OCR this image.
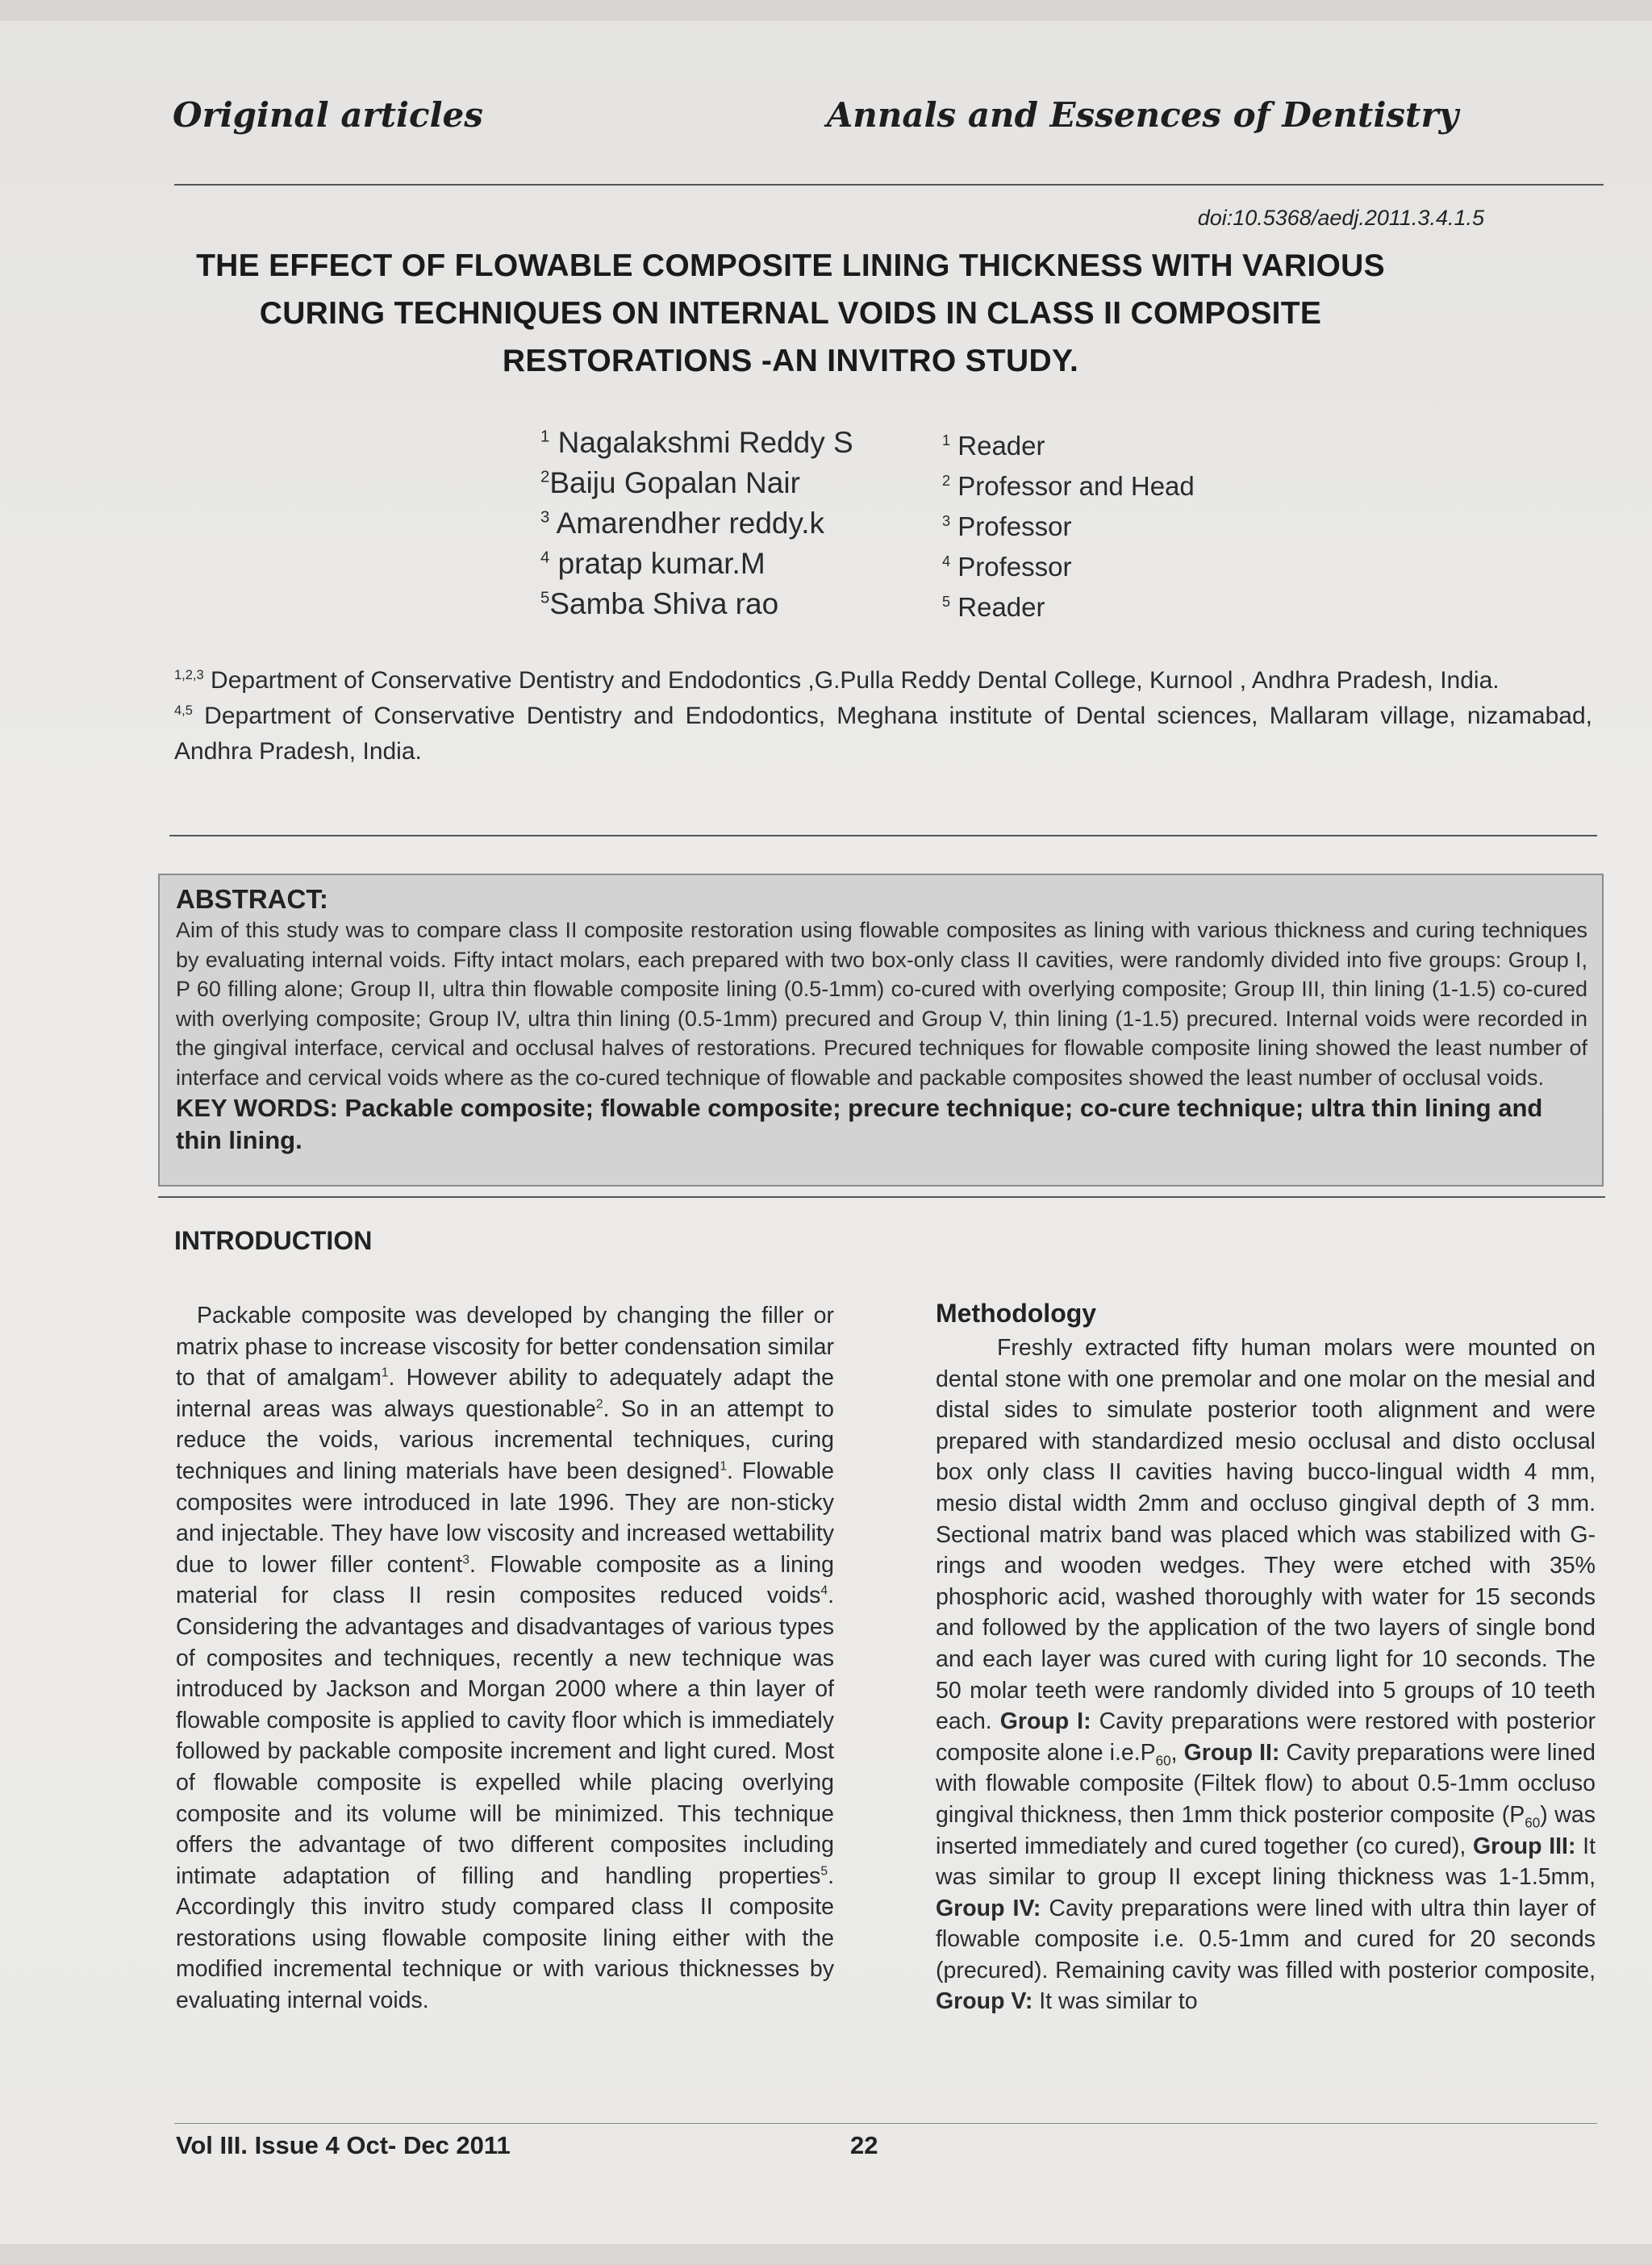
Original articles	Annals and Essences of Dentistry
doi:10.5368/aedj.2011.3.4.1.5
THE EFFECT OF FLOWABLE COMPOSITE LINING THICKNESS WITH VARIOUS CURING TECHNIQUES ON INTERNAL VOIDS IN CLASS II COMPOSITE RESTORATIONS -AN INVITRO STUDY.
$^1$ Nagalakshmi Reddy S
$^2$Baiju Gopalan Nair
$^3$ Amarendher reddy.k
$^4$ pratap kumar.M
$^5$Samba Shiva rao
$^1$ Reader
$^2$ Professor and Head
$^3$ Professor
$^4$ Professor
$^5$ Reader

$^{1,2,3}$ Department of Conservative Dentistry and Endodontics ,G.Pulla Reddy Dental College, Kurnool , Andhra Pradesh, India.

$^{4,5}$ Department of Conservative Dentistry and Endodontics, Meghana institute of Dental sciences, Mallaram village, nizamabad, Andhra Pradesh, India.

ABSTRACT:
Aim of this study was to compare class II composite restoration using flowable composites as lining with various thickness and curing techniques by evaluating internal voids. Fifty intact molars, each prepared with two box-only class II cavities, were randomly divided into five groups: Group I, P 60 filling alone; Group II, ultra thin flowable composite lining (0.5-1mm) co-cured with overlying composite; Group III, thin lining (1-1.5) co-cured with overlying composite; Group IV, ultra thin lining (0.5-1mm) precured and Group V, thin lining (1-1.5) precured. Internal voids were recorded in the gingival interface, cervical and occlusal halves of restorations. Precured techniques for flowable composite lining showed the least number of interface and cervical voids where as the co-cured technique of flowable and packable composites showed the least number of occlusal voids.
KEY WORDS: Packable composite; flowable composite; precure technique; co-cure technique; ultra thin lining and thin lining.
INTRODUCTION

Packable composite was developed by changing the filler or matrix phase to increase viscosity for better condensation similar to that of amalgam$^1$. However ability to adequately adapt the internal areas was always questionable$^2$. So in an attempt to reduce the voids, various incremental techniques, curing techniques and lining materials have been designed$^1$. Flowable composites were introduced in late 1996. They are non-sticky and injectable. They have low viscosity and increased wettability due to lower filler content$^3$. Flowable composite as a lining material for class II resin composites reduced voids$^4$. Considering the advantages and disadvantages of various types of composites and techniques, recently a new technique was introduced by Jackson and Morgan 2000 where a thin layer of flowable composite is applied to cavity floor which is immediately followed by packable composite increment and light cured. Most of flowable composite is expelled while placing overlying composite and its volume will be minimized. This technique offers the advantage of two different composites including intimate adaptation of filling and handling properties$^5$. Accordingly this invitro study compared class II composite restorations using flowable composite lining either with the modified incremental technique or with various thicknesses by evaluating internal voids.

Methodology

Freshly extracted fifty human molars were mounted on dental stone with one premolar and one molar on the mesial and distal sides to simulate posterior tooth alignment and were prepared with standardized mesio occlusal and disto occlusal box only class II cavities having bucco-lingual width 4 mm, mesio distal width 2mm and occluso gingival depth of 3 mm. Sectional matrix band was placed which was stabilized with G-rings and wooden wedges. They were etched with 35% phosphoric acid, washed thoroughly with water for 15 seconds and followed by the application of the two layers of single bond and each layer was cured with curing light for 10 seconds. The 50 molar teeth were randomly divided into 5 groups of 10 teeth each. Group I: Cavity preparations were restored with posterior composite alone $i.e.P_{60}$, Group II: Cavity preparations were lined with flowable composite (Filtek flow) to about 0.5-1mm occluso gingival thickness, then 1mm thick posterior composite $(P_{60})$ was inserted immediately and cured together (co cured), Group III: It was similar to group II except lining thickness was 1-1.5mm, Group IV: Cavity preparations were lined with ultra thin layer of flowable composite i.e. 0.5-1mm and cured for 20 seconds (precured). Remaining cavity was filled with posterior composite, Group V: It was similar to

Vol III. Issue 4 Oct- Dec 2011	22
